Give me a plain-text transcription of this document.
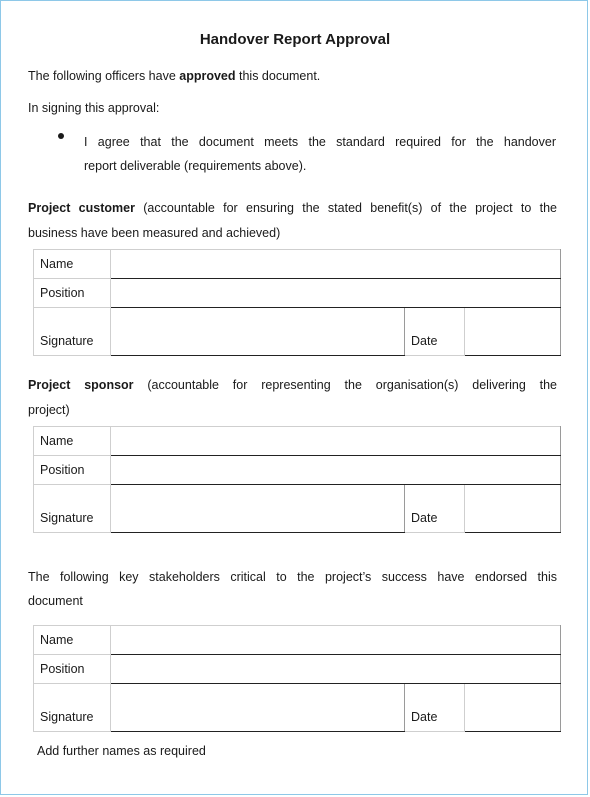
Handover Report Approval
The following officers have approved this document.
In signing this approval:
I agree that the document meets the standard required for the handover
report deliverable (requirements above).
Project customer (accountable for ensuring the stated benefit(s) of the project to the
business have been measured and achieved)
Name			
Position			
Signature		Date	
Project sponsor (accountable for representing the organisation(s) delivering the
project)
Name			
Position			
Signature		Date	
The following key stakeholders critical to the project’s success have endorsed this
document
Name			
Position			
Signature		Date	
Add further names as required
